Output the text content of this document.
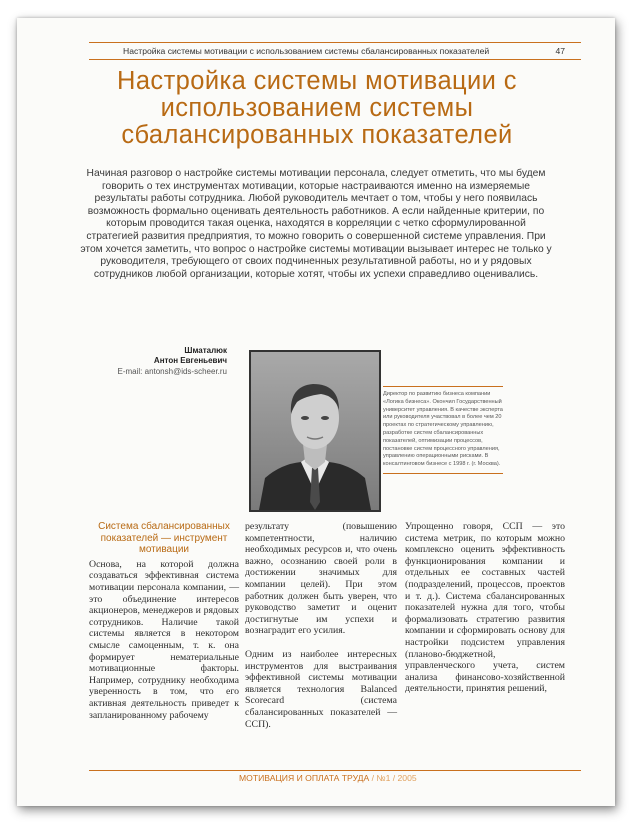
Настройка системы мотивации с использованием системы сбалансированных показателей	47
Настройка системы мотивации с использованием системы сбалансированных показателей

Начиная разговор о настройке системы мотивации персонала, следует отметить, что мы будем говорить о тех инструментах мотивации, которые настраиваются именно на измеряемые результаты работы сотрудника. Любой руководитель мечтает о том, чтобы у него появилась возможность формально оценивать деятельность работников. А если найденные критерии, по которым проводится такая оценка, находятся в корреляции с четко сформулированной стратегией развития предприятия, то можно говорить о совершенной системе управления. При этом хочется заметить, что вопрос о настройке системы мотивации вызывает интерес не только у руководителя, требующего от своих подчиненных результативной работы, но и у рядовых сотрудников любой организации, которые хотят, чтобы их успехи справедливо оценивались.

Шматалюк
Антон Евгеньевич
E-mail: antonsh@ids-scheer.ru
Директор по развитию бизнеса компании «Логика бизнеса». Окончил Государственный университет управления. В качестве эксперта или руководителя участвовал в более чем 20 проектах по стратегическому управлению, разработке систем сбалансированных показателей, оптимизации процессов, постановке систем процессного управления, управлению операционными рисками. В консалтинговом бизнесе с 1998 г. (г. Москва).
Система сбалансированных показателей — инструмент мотивации

Основа, на которой должна создаваться эффективная система мотивации персонала компании, — это объединение интересов акционеров, менеджеров и рядовых сотрудников. Наличие такой системы является в некотором смысле самоценным, т. к. она формирует нематериальные мотивационные факторы. Например, сотруднику необходима уверенность в том, что его активная деятельность приведет к запланированному рабочему

результату (повышению компетентности, наличию необходимых ресурсов и, что очень важно, осознанию своей роли в достижении значимых для компании целей). При этом работник должен быть уверен, что руководство заметит и оценит достигнутые им успехи и вознаградит его усилия.

Одним из наиболее интересных инструментов для выстраивания эффективной системы мотивации является технология Balanced Scorecard (система сбалансированных показателей — ССП).

Упрощенно говоря, ССП — это система метрик, по которым можно комплексно оценить эффективность функционирования компании и отдельных ее составных частей (подразделений, процессов, проектов и т. д.). Система сбалансированных показателей нужна для того, чтобы формализовать стратегию развития компании и сформировать основу для настройки подсистем управления (планово-бюджетной, управленческого учета, систем анализа финансово-хозяйственной деятельности, принятия решений,

МОТИВАЦИЯ И ОПЛАТА ТРУДА / №1 / 2005
